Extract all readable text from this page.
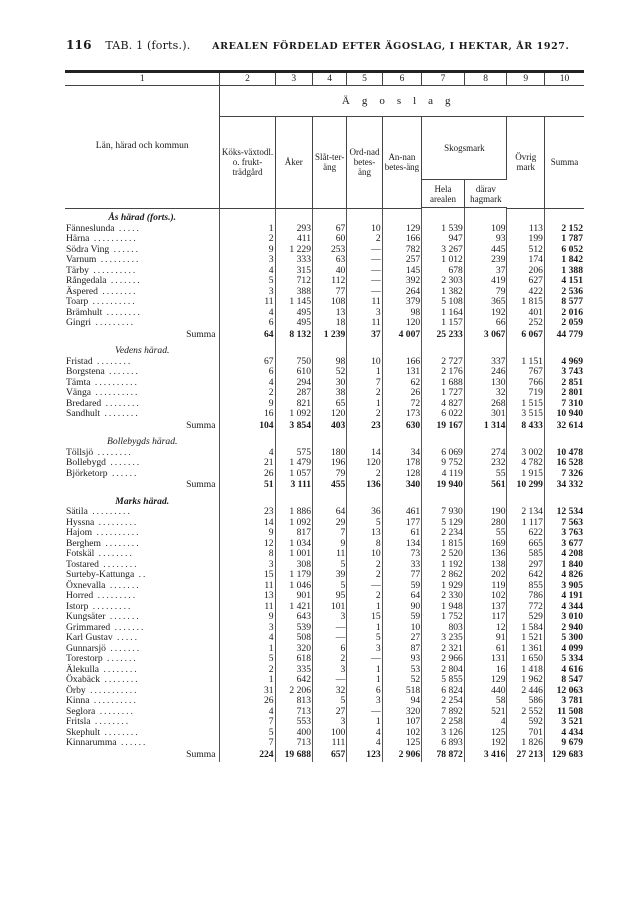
116 TAB. 1 (forts.). AREALEN FÖRDELAD EFTER ÄGOSLAG, I HEKTAR, ÅR 1927.
1	2	3	4	5	6	7	8	9	10
Län, härad och kommun	Ägoslag								
	Köks-växtodl. o. frukt-trädgård	Åker	Slåt-ter-äng	Ord-nad betes-äng	An-nan betes-äng	Skogsmark		Övrig mark	Summa
						Hela arealen	därav hagmark		

Ås härad (forts.).									
Fänneslunda .....	1	293	67	10	129	1 539	109	113	2 152
Härna ..........	2	411	60	2	166	947	93	199	1 787
Södra Ving ......	9	1 229	253	—	782	3 267	445	512	6 052
Varnum .........	3	333	63	—	257	1 012	239	174	1 842
Tärby ..........	4	315	40	—	145	678	37	206	1 388
Rångedala .......	5	712	112	—	392	2 303	419	627	4 151
Äspered ........	3	388	77	—	264	1 382	79	422	2 536
Toarp ..........	11	1 145	108	11	379	5 108	365	1 815	8 577
Brämhult ........	4	495	13	3	98	1 164	192	401	2 016
Gingri .........	6	495	18	11	120	1 157	66	252	2 059
Summa	64	8 132	1 239	37	4 007	25 233	3 067	6 067	44 779
Vedens härad.									
Fristad ........	67	750	98	10	166	2 727	337	1 151	4 969
Borgstena .......	6	610	52	1	131	2 176	246	767	3 743
Tämta ..........	4	294	30	7	62	1 688	130	766	2 851
Vänga ..........	2	287	38	2	26	1 727	32	719	2 801
Bredared ........	9	821	65	1	72	4 827	268	1 515	7 310
Sandhult ........	16	1 092	120	2	173	6 022	301	3 515	10 940
Summa	104	3 854	403	23	630	19 167	1 314	8 433	32 614
Bollebygds härad.									
Töllsjö ........	4	575	180	14	34	6 069	274	3 002	10 478
Bollebygd .......	21	1 479	196	120	178	9 752	232	4 782	16 528
Björketorp ......	26	1 057	79	2	128	4 119	55	1 915	7 326
Summa	51	3 111	455	136	340	19 940	561	10 299	34 332
Marks härad.									
Sätila .........	23	1 886	64	36	461	7 930	190	2 134	12 534
Hyssna .........	14	1 092	29	5	177	5 129	280	1 117	7 563
Hajom ..........	9	817	7	13	61	2 234	55	622	3 763
Berghem ........	12	1 034	9	8	134	1 815	169	665	3 677
Fotskäl ........	8	1 001	11	10	73	2 520	136	585	4 208
Tostared ........	3	308	5	2	33	1 192	138	297	1 840
Surteby-Kattunga ..	15	1 179	39	2	77	2 862	202	642	4 826
Öxnevalla .......	11	1 046	5	—	59	1 929	119	855	3 905
Horred .........	13	901	95	2	64	2 330	102	786	4 191
Istorp .........	11	1 421	101	1	90	1 948	137	772	4 344
Kungsäter .......	9	643	3	15	59	1 752	117	529	3 010
Grimmared .......	3	539	—	1	10	803	12	1 584	2 940
Karl Gustav .....	4	508	—	5	27	3 235	91	1 521	5 300
Gunnarsjö .......	1	320	6	3	87	2 321	61	1 361	4 099
Torestorp .......	5	618	2	—	93	2 966	131	1 650	5 334
Älekulla ........	2	335	3	1	53	2 804	16	1 418	4 616
Öxabäck ........	1	642	—	1	52	5 855	129	1 962	8 547
Örby ...........	31	2 206	32	6	518	6 824	440	2 446	12 063
Kinna ..........	26	813	5	3	94	2 254	58	586	3 781
Seglora ........	4	713	27	—	320	7 892	521	2 552	11 508
Fritsla ........	7	553	3	1	107	2 258	4	592	3 521
Skephult ........	5	400	100	4	102	3 126	125	701	4 434
Kinnarumma ......	7	713	111	4	125	6 893	192	1 826	9 679
Summa	224	19 688	657	123	2 906	78 872	3 416	27 213	129 683
